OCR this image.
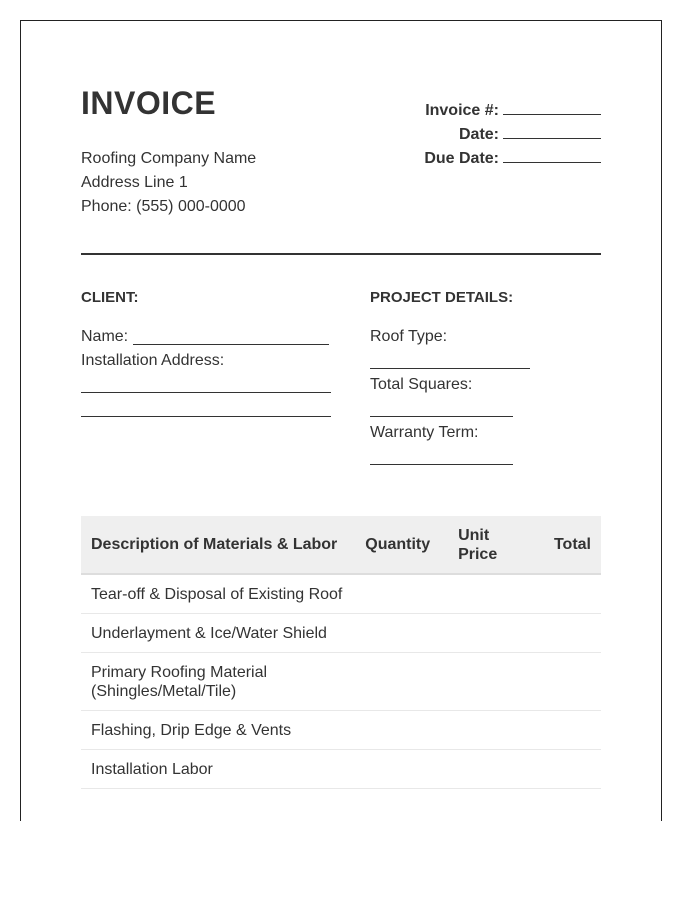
INVOICE
Roofing Company Name
Address Line 1
Phone: (555) 000-0000
Invoice #:
Date:
Due Date:
CLIENT:
Name:
Installation Address:
PROJECT DETAILS:
Roof Type:
Total Squares:
Warranty Term:
Description of Materials & Labor	Quantity	Unit Price	Total
Tear-off & Disposal of Existing Roof			
Underlayment & Ice/Water Shield			
Primary Roofing Material (Shingles/Metal/Tile)			
Flashing, Drip Edge & Vents			
Installation Labor			
